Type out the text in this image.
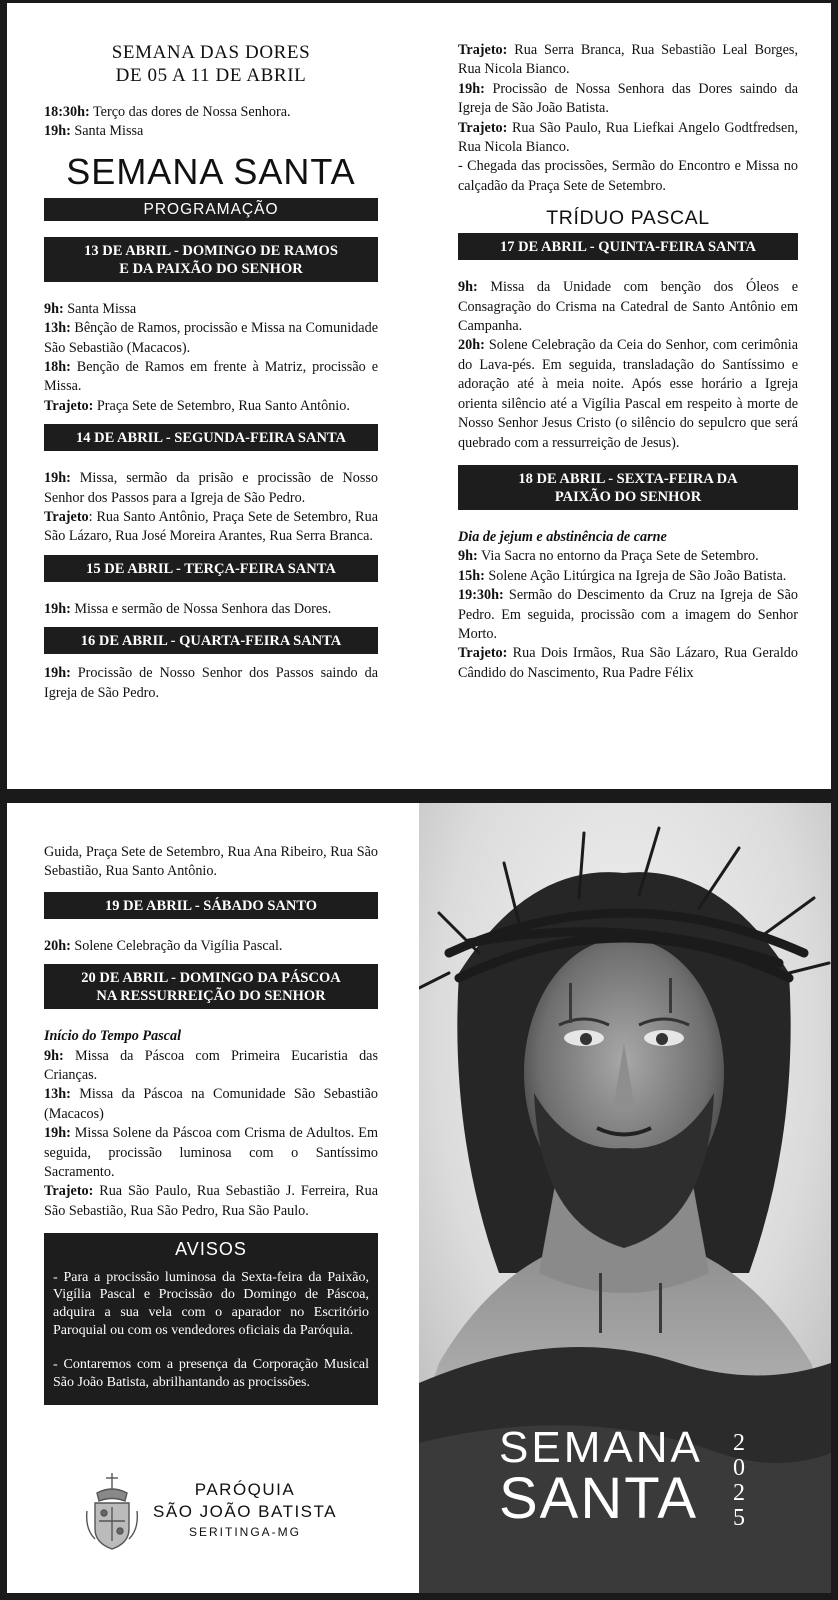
SEMANA DAS DORES
DE 05 A 11 DE ABRIL

18:30h: Terço das dores de Nossa Senhora.

19h: Santa Missa

SEMANA SANTA
PROGRAMAÇÃO
13 DE ABRIL - DOMINGO DE RAMOS
E DA PAIXÃO DO SENHOR

9h: Santa Missa

13h: Bênção de Ramos, procissão e Missa na Comunidade São Sebastião (Macacos).

18h: Benção de Ramos em frente à Matriz, procissão e Missa.

Trajeto: Praça Sete de Setembro, Rua Santo Antônio.

14 DE ABRIL - SEGUNDA-FEIRA SANTA

19h: Missa, sermão da prisão e procissão de Nosso Senhor dos Passos para a Igreja de São Pedro.

Trajeto: Rua Santo Antônio, Praça Sete de Setembro, Rua São Lázaro, Rua José Moreira Arantes, Rua Serra Branca.

15 DE ABRIL - TERÇA-FEIRA SANTA

19h: Missa e sermão de Nossa Senhora das Dores.

16 DE ABRIL - QUARTA-FEIRA SANTA

19h: Procissão de Nosso Senhor dos Passos saindo da Igreja de São Pedro.

Trajeto: Rua Serra Branca, Rua Sebastião Leal Borges, Rua Nicola Bianco.

19h: Procissão de Nossa Senhora das Dores saindo da Igreja de São João Batista.

Trajeto: Rua São Paulo, Rua Liefkai Angelo Godtfredsen, Rua Nicola Bianco.

- Chegada das procissões, Sermão do Encontro e Missa no calçadão da Praça Sete de Setembro.

TRÍDUO PASCAL
17 DE ABRIL - QUINTA-FEIRA SANTA

9h: Missa da Unidade com benção dos Óleos e Consagração do Crisma na Catedral de Santo Antônio em Campanha.

20h: Solene Celebração da Ceia do Senhor, com cerimônia do Lava-pés. Em seguida, transladação do Santíssimo e adoração até à meia noite. Após esse horário a Igreja orienta silêncio até a Vigília Pascal em respeito à morte de Nosso Senhor Jesus Cristo (o silêncio do sepulcro que será quebrado com a ressurreição de Jesus).

18 DE ABRIL - SEXTA-FEIRA DA
PAIXÃO DO SENHOR

Dia de jejum e abstinência de carne

9h: Via Sacra no entorno da Praça Sete de Setembro.

15h: Solene Ação Litúrgica na Igreja de São João Batista.

19:30h: Sermão do Descimento da Cruz na Igreja de São Pedro. Em seguida, procissão com a imagem do Senhor Morto.

Trajeto: Rua Dois Irmãos, Rua São Lázaro, Rua Geraldo Cândido do Nascimento, Rua Padre Félix

Guida, Praça Sete de Setembro, Rua Ana Ribeiro, Rua São Sebastião, Rua Santo Antônio.

19 DE ABRIL - SÁBADO SANTO

20h: Solene Celebração da Vigília Pascal.

20 DE ABRIL - DOMINGO DA PÁSCOA
NA RESSURREIÇÃO DO SENHOR

Início do Tempo Pascal

9h: Missa da Páscoa com Primeira Eucaristia das Crianças.

13h: Missa da Páscoa na Comunidade São Sebastião (Macacos)

19h: Missa Solene da Páscoa com Crisma de Adultos. Em seguida, procissão luminosa com o Santíssimo Sacramento.

Trajeto: Rua São Paulo, Rua Sebastião J. Ferreira, Rua São Sebastião, Rua São Pedro, Rua São Paulo.

AVISOS

- Para a procissão luminosa da Sexta-feira da Paixão, Vigília Pascal e Procissão do Domingo de Páscoa, adquira a sua vela com o aparador no Escritório Paroquial ou com os vendedores oficiais da Paróquia.

- Contaremos com a presença da Corporação Musical São João Batista, abrilhantando as procissões.

PARÓQUIA
SÃO JOÃO BATISTA
SERITINGA-MG
SEMANA
SANTA
2
0
2
5
